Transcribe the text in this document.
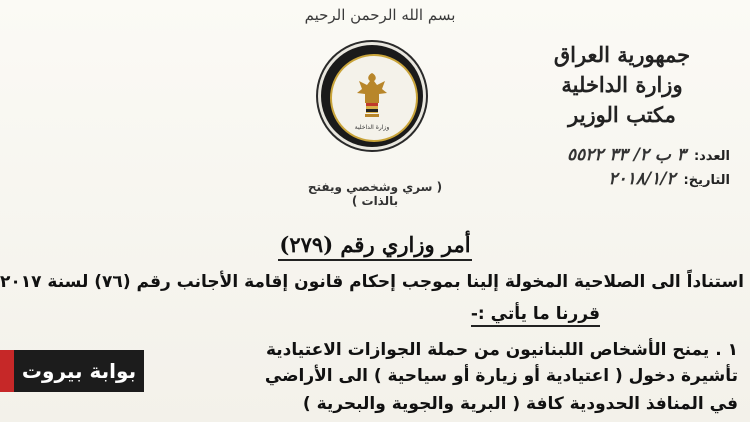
بسم الله الرحمن الرحيم
وزارة الداخلية
جمهورية العراق
وزارة الداخلية
مكتب الوزير
العدد:
٣ ب ٢/ ٣٣ ٥٥٢٢
التاريخ:
٢٠١٨/١/٢
( سري وشخصي ويفتح بالذات )
أمر وزاري رقم (٢٧٩)
استناداً الى الصلاحية المخولة إلينا بموجب إحكام قانون إقامة الأجانب رقم (٧٦) لسنة ٢٠١٧
قررنا ما يأتي :-
١ . يمنح الأشخاص اللبنانيون من حملة الجوازات الاعتيادية
تأشيرة دخول ( اعتيادية أو زيارة أو سياحية ) الى الأراضي
في المنافذ الحدودية كافة ( البرية والجوية والبحرية )
بوابة بيروت
